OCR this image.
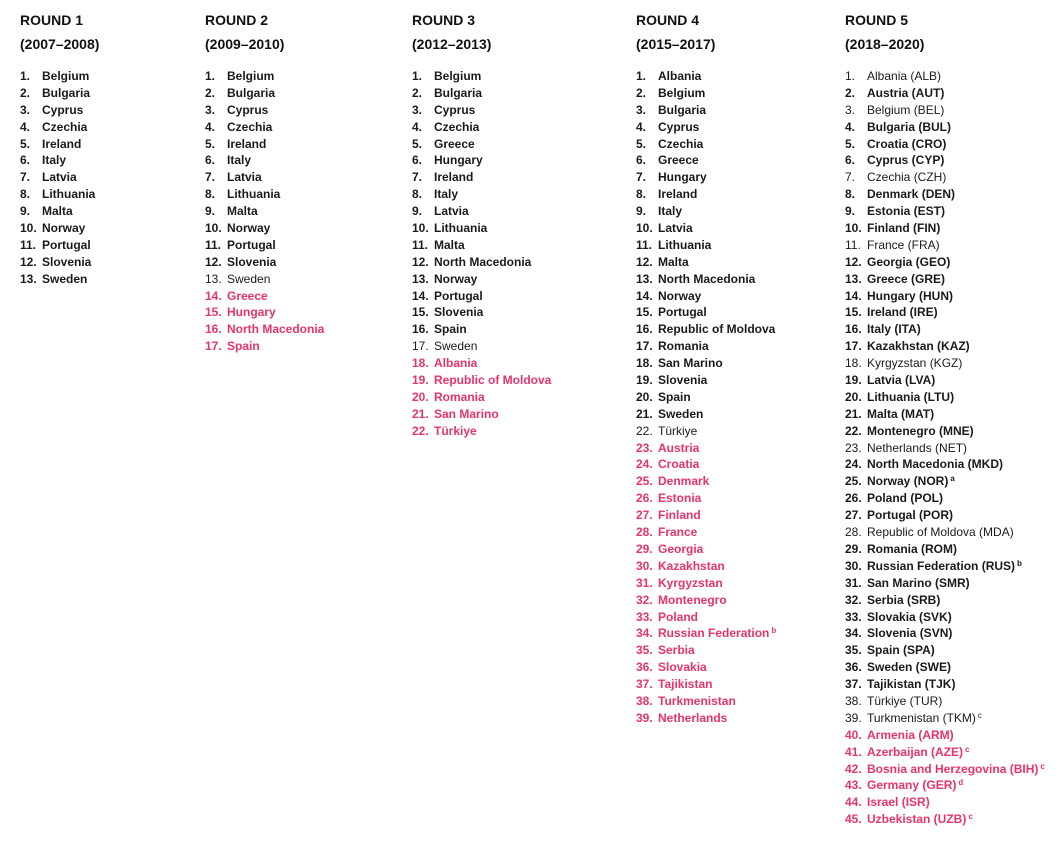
ROUND 1
(2007–2008)
1. Belgium
2. Bulgaria
3. Cyprus
4. Czechia
5. Ireland
6. Italy
7. Latvia
8. Lithuania
9. Malta
10. Norway
11. Portugal
12. Slovenia
13. Sweden
ROUND 2
(2009–2010)
1. Belgium
2. Bulgaria
3. Cyprus
4. Czechia
5. Ireland
6. Italy
7. Latvia
8. Lithuania
9. Malta
10. Norway
11. Portugal
12. Slovenia
13. Sweden
14. Greece
15. Hungary
16. North Macedonia
17. Spain
ROUND 3
(2012–2013)
1. Belgium
2. Bulgaria
3. Cyprus
4. Czechia
5. Greece
6. Hungary
7. Ireland
8. Italy
9. Latvia
10. Lithuania
11. Malta
12. North Macedonia
13. Norway
14. Portugal
15. Slovenia
16. Spain
17. Sweden
18. Albania
19. Republic of Moldova
20. Romania
21. San Marino
22. Türkiye
ROUND 4
(2015–2017)
1. Albania
2. Belgium
3. Bulgaria
4. Cyprus
5. Czechia
6. Greece
7. Hungary
8. Ireland
9. Italy
10. Latvia
11. Lithuania
12. Malta
13. North Macedonia
14. Norway
15. Portugal
16. Republic of Moldova
17. Romania
18. San Marino
19. Slovenia
20. Spain
21. Sweden
22. Türkiye
23. Austria
24. Croatia
25. Denmark
26. Estonia
27. Finland
28. France
29. Georgia
30. Kazakhstan
31. Kyrgyzstan
32. Montenegro
33. Poland
34. Russian Federation $^b$
35. Serbia
36. Slovakia
37. Tajikistan
38. Turkmenistan
39. Netherlands
ROUND 5
(2018–2020)
1. Albania (ALB)
2. Austria (AUT)
3. Belgium (BEL)
4. Bulgaria (BUL)
5. Croatia (CRO)
6. Cyprus (CYP)
7. Czechia (CZH)
8. Denmark (DEN)
9. Estonia (EST)
10. Finland (FIN)
11. France (FRA)
12. Georgia (GEO)
13. Greece (GRE)
14. Hungary (HUN)
15. Ireland (IRE)
16. Italy (ITA)
17. Kazakhstan (KAZ)
18. Kyrgyzstan (KGZ)
19. Latvia (LVA)
20. Lithuania (LTU)
21. Malta (MAT)
22. Montenegro (MNE)
23. Netherlands (NET)
24. North Macedonia (MKD)
25. Norway (NOR) $^a$
26. Poland (POL)
27. Portugal (POR)
28. Republic of Moldova (MDA)
29. Romania (ROM)
30. Russian Federation (RUS) $^b$
31. San Marino (SMR)
32. Serbia (SRB)
33. Slovakia (SVK)
34. Slovenia (SVN)
35. Spain (SPA)
36. Sweden (SWE)
37. Tajikistan (TJK)
38. Türkiye (TUR)
39. Turkmenistan (TKM) $^c$
40. Armenia (ARM)
41. Azerbaijan (AZE) $^c$
42. Bosnia and Herzegovina (BIH) $^c$
43. Germany (GER) $^d$
44. Israel (ISR)
45. Uzbekistan (UZB) $^c$
